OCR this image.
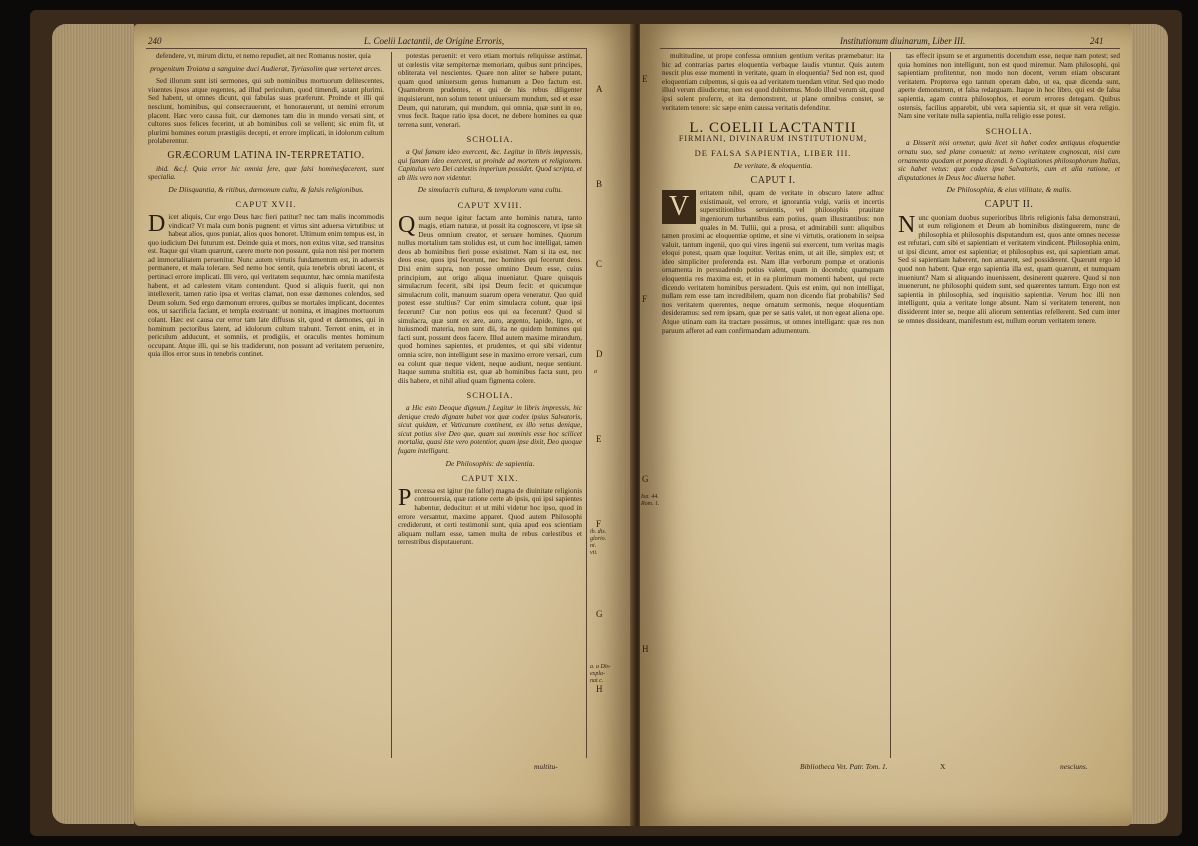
240	L. Coelii Lactantii, de Origine Erroris,
A
B
C
D
E
F
G
H
a
ib. dis.
glorio.
ni.
vii.
a. a Dis-
expla-
nat c.

defendere, vt, mirum dictu, et nemo repudiet, ait nec Romanus noster, quia

progenitum Troiana a sanguine duci Audierat, Tyriasolim quæ verteret arces.

Sed illorum sunt isti sermones, qui sub nominibus mortuorum delitescentes, viuentes ipsos atque regentes, ad illud periculum, quod timendi, astant plurimi. Sed habent, ut omnes dicunt, qui fabulas suas præferunt. Proinde et illi qui nesciunt, hominibus, qui consecrauerunt, et honorauerunt, ut nemini errorum placent. Hæc vero causa fuit, cur dæmones tam diu in mundo versati sint, et cultores suos felices fecerint, ut ab hominibus coli se vellent; sic enim fit, ut plurimi homines eorum præstigiis decepti, et errore implicati, in idolorum cultum prolaberentur.

GRÆCORUM LATINA IN-TERPRETATIO.

ibid. &c.f. Quia error hic omnia fere, quæ falsi hominesfacerent, sunt specialia.

De Diisquantia, & ritibus, dæmonum cultu, & falsis religionibus.

CAPUT XVII.

Dicet aliquis, Cur ergo Deus hæc fieri patitur? nec tam malis incommodis vindicat? Vt mala cum bonis pugnent: et virtus sint aduersa virtutibus: ut habeat alios, quos puniat, alios quos honoret. Ultimum enim tempus est, in quo iudicium Dei futurum est. Deinde quia et mors, non exitus vitæ, sed transitus est. Itaque qui vitam quærunt, carere morte non possunt, quia non nisi per mortem ad immortalitatem peruenitur. Nunc autem virtutis fundamentum est, in aduersis permanere, et mala tolerare. Sed nemo hoc sentit, quia tenebris obruti iacent, et pertinaci errore implicati. Illi vero, qui veritatem sequuntur, hæc omnia manifesta habent, et ad cælestem vitam contendunt. Quod si aliquis fuerit, qui non intellexerit, tamen ratio ipsa et veritas clamat, non esse dæmones colendos, sed Deum solum. Sed ergo dæmonum errores, quibus se mortales implicant, docentes eos, ut sacrificia faciant, et templa exstruant: ut nomina, et imagines mortuorum colant. Hæc est causa cur error tam late diffusus sit, quod et dæmones, qui in hominum pectoribus latent, ad idolorum cultum trahunt. Terrent enim, et in periculum adducunt, et somniis, et prodigiis, et oraculis mentes hominum occupant. Atque illi, qui se his tradiderunt, non possunt ad veritatem peruenire, quia illos error suus in tenebris continet.

potestas peruenit: et vero etiam mortuis reliquisse æstimat, ut cœlestis vitæ sempiternæ memoriam, quibus sunt principes, obliterata vel nescientes. Quare non aliter se habere putant, quam quod uniuersum genus humanum a Deo factum est. Quamobrem prudentes, et qui de his rebus diligenter inquisierunt, non solum tenent uniuersum mundum, sed et esse Deum, qui naturam, qui mundum, qui omnia, quæ sunt in eo, vnus fecit. Itaque ratio ipsa docet, ne debere homines ea quæ terrena sunt, venerari.

SCHOLIA.

a Qui famam ideo exercent, &c. Legitur in libris impressis, qui famam ideo exercent, ut proinde ad mortem et religionem. Capitulus vero Dei cælestis imperium possidet. Quod scripta, et ab illis vero non videntur.

De simulacris cultura, & templorum vana cultu.

CAPUT XVIII.

Quum neque igitur factam ante hominis natura, tanto magis, etiam naturæ, ut possit ita cognoscere, vt ipse sit Deus omnium creator, et seruare homines. Quorum nullus mortalium tam stolidus est, ut cum hoc intelligat, tamen deos ab hominibus fieri posse existimet. Nam si ita est, nec deos esse, quos ipsi fecerunt, nec homines qui fecerunt deos. Dixi enim supra, non posse omnino Deum esse, cuius principium, aut origo aliqua inueniatur. Quare quisquis simulacrum fecerit, sibi ipsi Deum fecit: et quicumque simulacrum colit, manuum suarum opera veneratur. Quo quid potest esse stultius? Cur enim simulacra colunt, quæ ipsi fecerunt? Cur non potius eos qui ea fecerunt? Quod si simulacra, quæ sunt ex ære, auro, argento, lapide, ligno, et huiusmodi materia, non sunt dii, ita ne quidem homines qui facti sunt, possunt deos facere. Illud autem maxime mirandum, quod homines sapientes, et prudentes, et qui sibi videntur omnia scire, non intelligunt sese in maximo errore versari, cum ea colunt quæ neque vident, neque audiunt, neque sentiunt. Itaque summa stultitia est, quæ ab hominibus facta sunt, pro diis habere, et nihil aliud quam figmenta colere.

SCHOLIA.

a Hic esto Deoque dignum.] Legitur in libris impressis, hic denique credo dignam habet vox quæ codex ipsius Salvatoris, sicut quidam, et Vaticanum continent, ex illo vetus denique, sicut potius sive Deo que, quam sui nominis esse hoc scilicet mortalia, quasi iste vero potentior, quam ipse dixit, Deo quoque fugam intelligunt.

De Philosophis: de sapientia.

CAPUT XIX.

Percessa est igitur (ne fallor) magna de diuinitate religionis controuersia, quæ ratione certe ab ipsis, qui ipsi sapientes habentur, deducitur: et ut mihi videtur hoc ipso, quod in errore versantur, maxime apparet. Quod autem Philosophi crediderunt, et certi testimonii sunt, quia apud eos scientiam aliquam nullam esse, tamen multa de rebus cœlestibus et terrestribus disputauerunt.

multitu-
Institutionum diuinarum, Liber III.	241
E
F
G
H
Isa. 44.
Rom. 1.

multitudine, ut prope confessa omnium gentium veritas præmebatur: ita hic ad contrarias partes eloquentia verbaque laudis vtuntur. Quis autem nescit plus esse momenti in veritate, quam in eloquentia? Sed non est, quod eloquentiam culpemus, si quis ea ad veritatem tuendam vtitur. Sed quo modo illud verum diiudicetur, non est quod dubitemus. Modo illud verum sit, quod ipsi solent proferre, et ita demonstrent, ut plane omnibus constet, se veritatem tenere: sic sæpe enim caussa veritatis defenditur.

L. COELII LACTANTII
FIRMIANI, DIVINARUM INSTITUTIONUM,

DE FALSA SAPIENTIA, LIBER III.

De veritate, & eloquentia.

CAPUT I.

V	eritatem nihil, quam de veritate in obscuro latere adhuc existimauit, vel errore, et ignorantia vulgi, variis et incertis superstitionibus seruientis, vel philosophis prauitate ingeniorum turbantibus eam potius, quam illustrantibus: non quales in M. Tullii, qui a prosa, et admirabili sunt: aliquibus tamen proximi ac eloquentiæ optime, et sine vi virtutis, orationem in seipsa valuit, tantum ingenii, quo qui vires ingenii sui exercent, tum veritas magis eloqui potest, quam quæ loquitur. Veritas enim, ut ait ille, simplex est; et ideo simpliciter proferenda est. Nam illæ verborum pompæ et orationis ornamenta in persuadendo potius valent, quam in docendo; quamquam eloquentia res maxima est, et in ea plurimum momenti habent, qui recte dicendo veritatem hominibus persuadent. Quis est enim, qui non intelligat, nullam rem esse tam incredibilem, quam non dicendo fiat probabilis? Sed nos veritatem querentes, neque ornatum sermonis, neque eloquentiam desideramus: sed rem ipsam, quæ per se satis valet, ut non egeat aliena ope. Atque utinam eam ita tractare possimus, ut omnes intelligant: quæ res non paruum afferet ad eam confirmandam adiumentum.

tas effecit ipsum se et argumentis docendum esse, neque nam potest; sed quia homines non intelligunt, non est quod miremur. Nam philosophi, qui sapientiam profitentur, non modo non docent, verum etiam obscurant veritatem. Propterea ego tantum operam dabo, ut ea, quæ dicenda sunt, aperte demonstrem, et falsa redarguam. Itaque in hoc libro, qui est de falsa sapientia, agam contra philosophos, et eorum errores detegam. Quibus ostensis, facilius apparebit, ubi vera sapientia sit, et quæ sit vera religio. Nam sine veritate nulla sapientia, nulla religio esse potest.

SCHOLIA.

a Disserit nisi ornetur, quia licet sit habet codex antiquus eloquentiæ ornatu suo, sed plane conuenit: ut nemo veritatem cognoscat, nisi cum ornamento quodam et pompa dicendi. b Cogitationes philosophorum Italias, sic habet vetus: quæ codex ipse Salvatoris, cum et alia ratione, et disputationes in Deus hoc diuersa habet.

De Philosophia, & eius vtilitate, & malis.

CAPUT II.

Nunc quoniam duobus superioribus libris religionis falsa demonstraui, ut eum religionem et Deum ab hominibus distinguerem, nunc de philosophia et philosophis disputandum est, quos ante omnes necesse est refutari, cum sibi et sapientiam et veritatem vindicent. Philosophia enim, ut ipsi dicunt, amor est sapientiæ; et philosophus est, qui sapientiam amat. Sed si sapientiam haberent, non amarent, sed possiderent. Quærunt ergo id quod non habent. Quæ ergo sapientia illa est, quam quærunt, et numquam inueniunt? Nam si aliquando inuenissent, desinerent quærere. Quod si non inuenerunt, ne philosophi quidem sunt, sed quærentes tantum. Ergo non est sapientia in philosophia, sed inquisitio sapientiæ. Verum hoc illi non intelligunt, quia a veritate longe absunt. Nam si veritatem tenerent, non dissiderent inter se, neque alii aliorum sententias refellerent. Sed cum inter se omnes dissideant, manifestum est, nullum eorum veritatem tenere.

Bibliotheca Vet. Patr. Tom. 1.	X	nesciuns.
